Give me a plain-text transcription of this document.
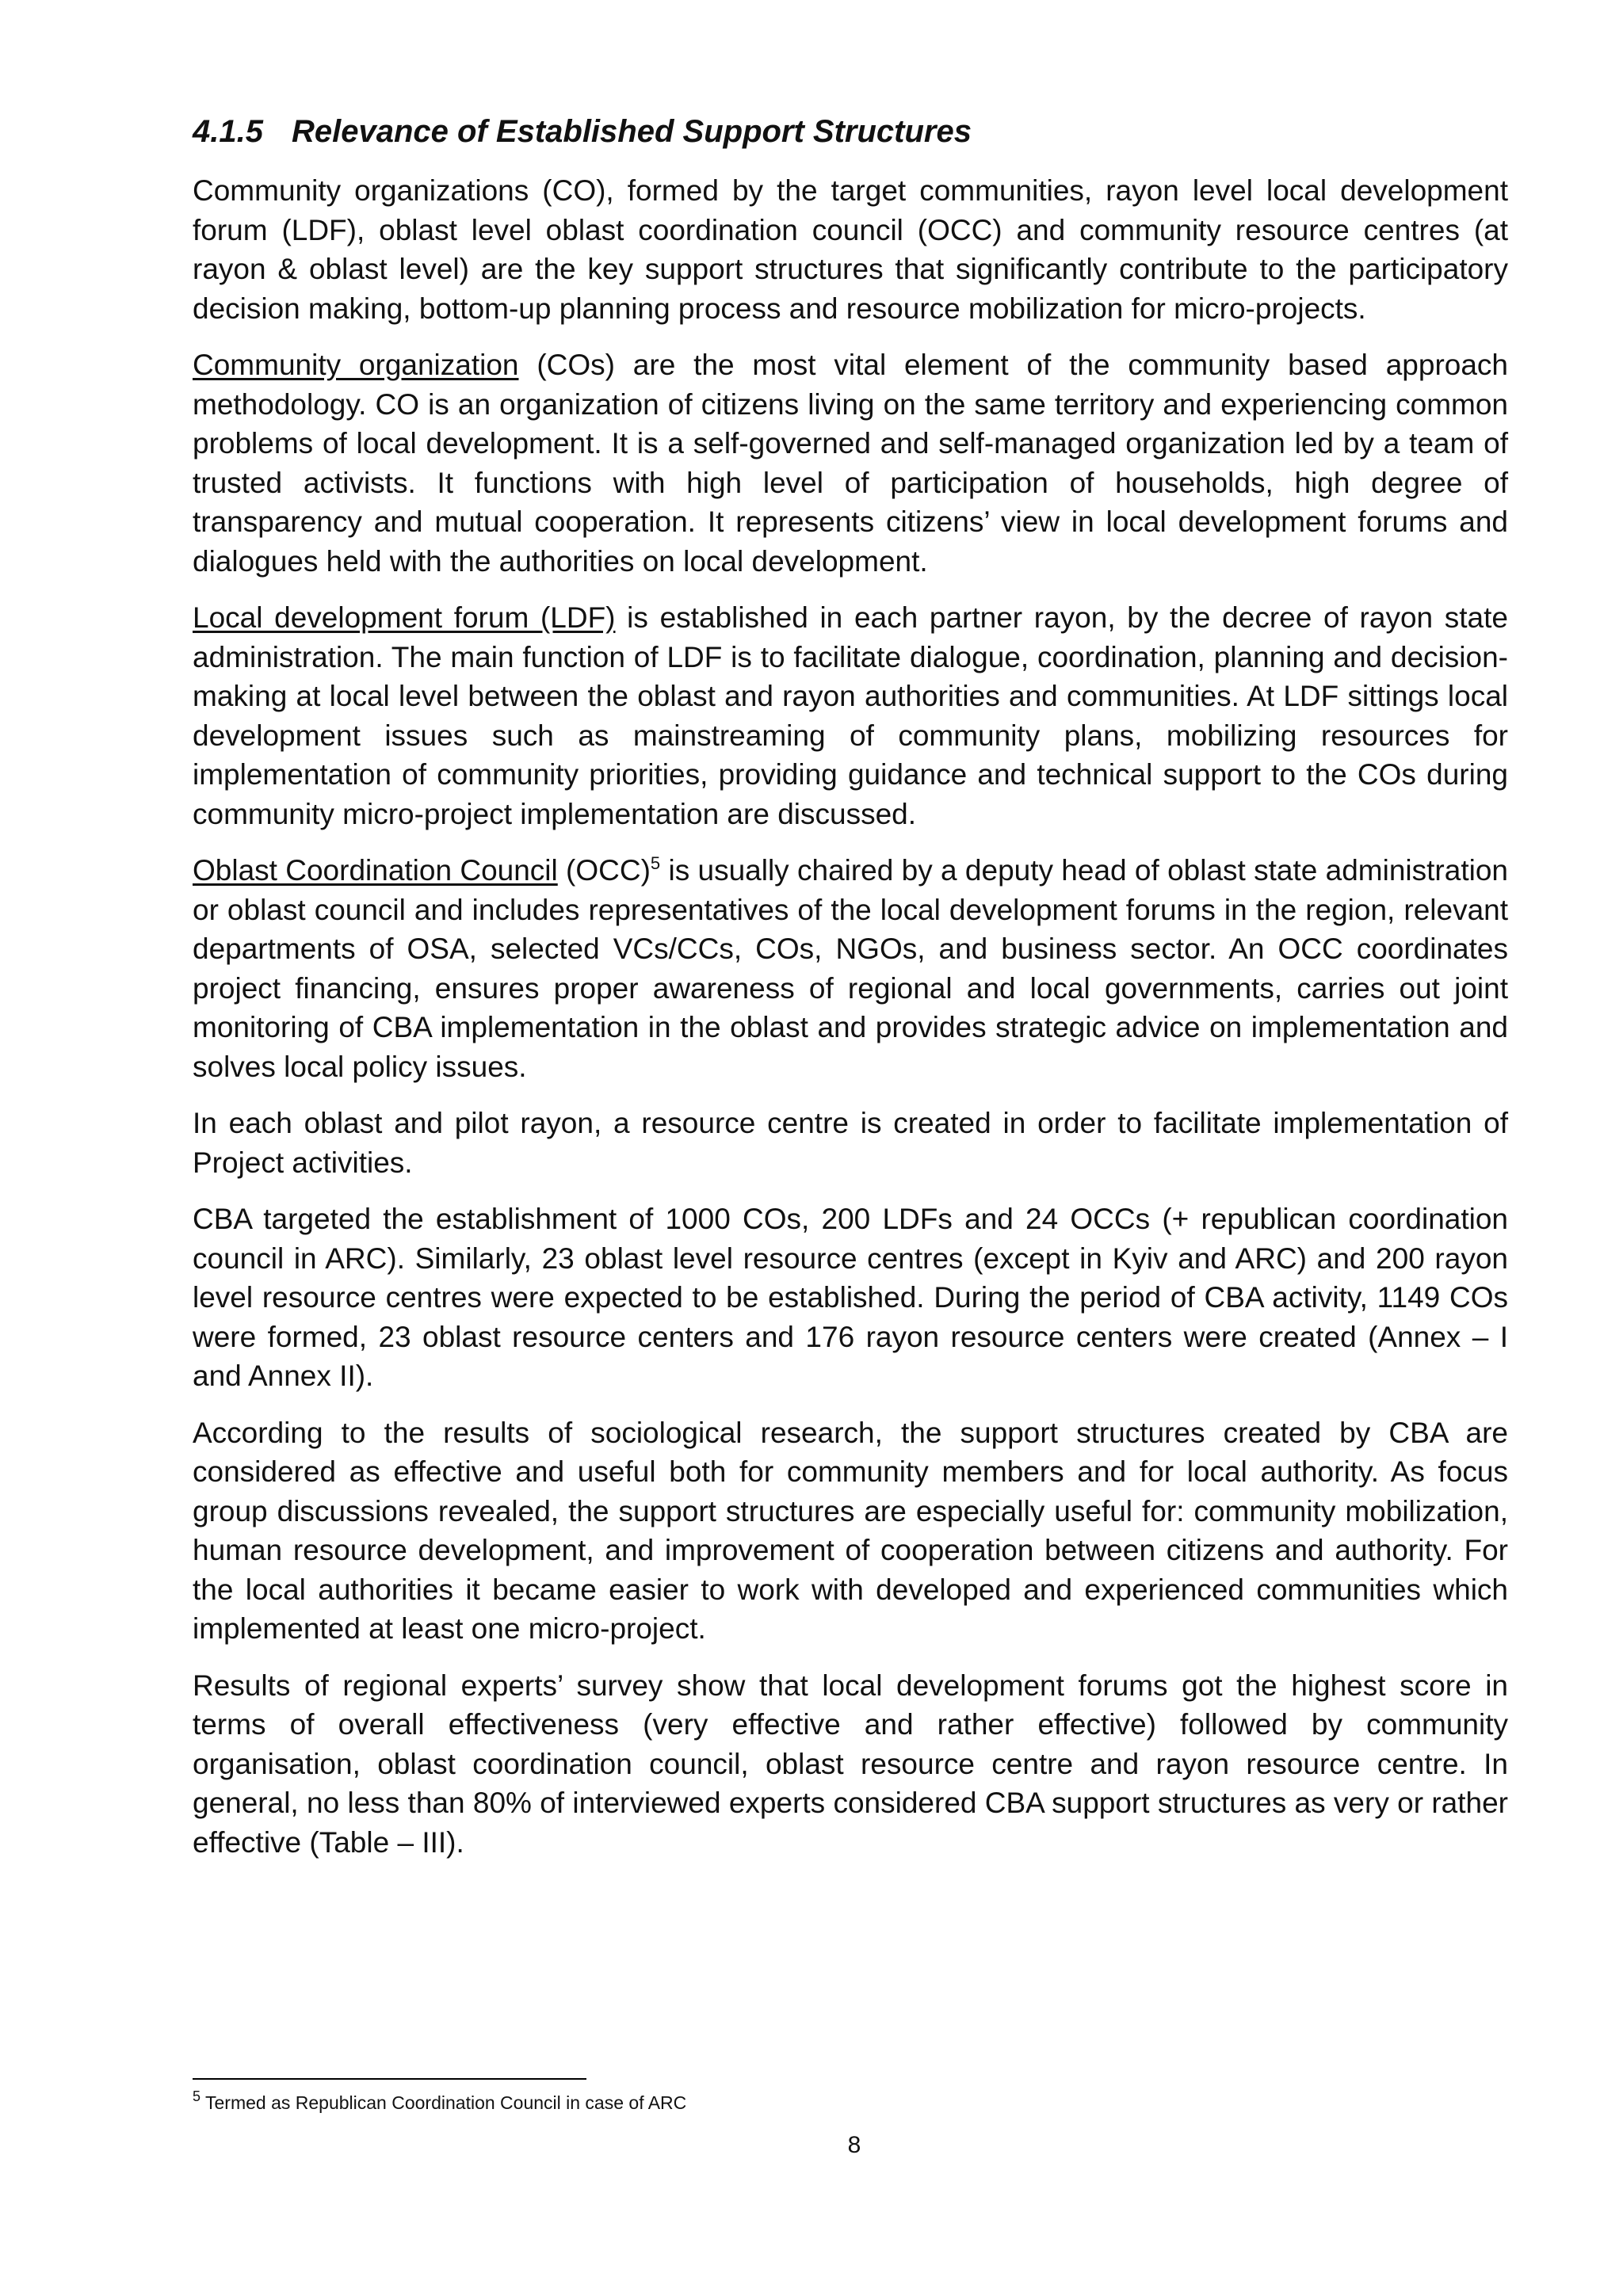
4.1.5 Relevance of Established Support Structures

Community organizations (CO), formed by the target communities, rayon level local development forum (LDF), oblast level oblast coordination council (OCC) and community resource centres (at rayon & oblast level) are the key support structures that significantly contribute to the participatory decision making, bottom-up planning process and resource mobilization for micro-projects.

Community organization (COs) are the most vital element of the community based approach methodology. CO is an organization of citizens living on the same territory and experiencing common problems of local development. It is a self-governed and self-managed organization led by a team of trusted activists. It functions with high level of participation of households, high degree of transparency and mutual cooperation. It represents citizens’ view in local development forums and dialogues held with the authorities on local development.

Local development forum (LDF) is established in each partner rayon, by the decree of rayon state administration. The main function of LDF is to facilitate dialogue, coordination, planning and decision-making at local level between the oblast and rayon authorities and communities. At LDF sittings local development issues such as mainstreaming of community plans, mobilizing resources for implementation of community priorities, providing guidance and technical support to the COs during community micro-project implementation are discussed.

Oblast Coordination Council (OCC)$^5$ is usually chaired by a deputy head of oblast state administration or oblast council and includes representatives of the local development forums in the region, relevant departments of OSA, selected VCs/CCs, COs, NGOs, and business sector. An OCC coordinates project financing, ensures proper awareness of regional and local governments, carries out joint monitoring of CBA implementation in the oblast and provides strategic advice on implementation and solves local policy issues.

In each oblast and pilot rayon, a resource centre is created in order to facilitate implementation of Project activities.

CBA targeted the establishment of 1000 COs, 200 LDFs and 24 OCCs (+ republican coordination council in ARC). Similarly, 23 oblast level resource centres (except in Kyiv and ARC) and 200 rayon level resource centres were expected to be established. During the period of CBA activity, 1149 COs were formed, 23 oblast resource centers and 176 rayon resource centers were created (Annex – I and Annex II).

According to the results of sociological research, the support structures created by CBA are considered as effective and useful both for community members and for local authority. As focus group discussions revealed, the support structures are especially useful for: community mobilization, human resource development, and improvement of cooperation between citizens and authority. For the local authorities it became easier to work with developed and experienced communities which implemented at least one micro-project.

Results of regional experts’ survey show that local development forums got the highest score in terms of overall effectiveness (very effective and rather effective) followed by community organisation, oblast coordination council, oblast resource centre and rayon resource centre. In general, no less than 80% of interviewed experts considered CBA support structures as very or rather effective (Table – III).

$^5$ Termed as Republican Coordination Council in case of ARC
8
